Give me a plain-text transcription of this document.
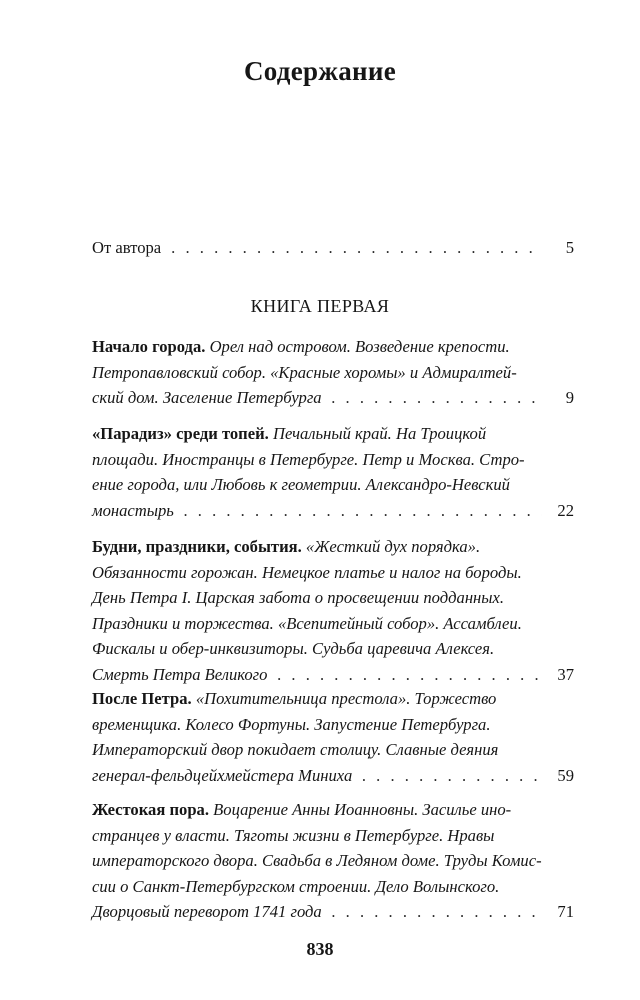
Содержание
От автора . . .	5
КНИГА ПЕРВАЯ
Начало города. Орел над островом. Возведение крепости.
Петропавловский собор. «Красные хоромы» и Адмиралтей-
ский дом. Заселение Петербурга . . .	9
«Парадиз» среди топей. Печальный край. На Троицкой
площади. Иностранцы в Петербурге. Петр и Москва. Стро-
ение города, или Любовь к геометрии. Александро-Невский
монастырь . . .	22
Будни, праздники, события. «Жесткий дух порядка».
Обязанности горожан. Немецкое платье и налог на бороды.
День Петра I. Царская забота о просвещении подданных.
Праздники и торжества. «Всепитейный собор». Ассамблеи.
Фискалы и обер-инквизиторы. Судьба царевича Алексея.
Смерть Петра Великого . . .	37
После Петра. «Похитительница престола». Торжество
временщика. Колесо Фортуны. Запустение Петербурга.
Императорский двор покидает столицу. Славные деяния
генерал-фельдцейхмейстера Миниха . . .	59
Жестокая пора. Воцарение Анны Иоанновны. Засилье ино-
странцев у власти. Тяготы жизни в Петербурге. Нравы
императорского двора. Свадьба в Ледяном доме. Труды Комис-
сии о Санкт-Петербургском строении. Дело Волынского.
Дворцовый переворот 1741 года . . .	71
838
